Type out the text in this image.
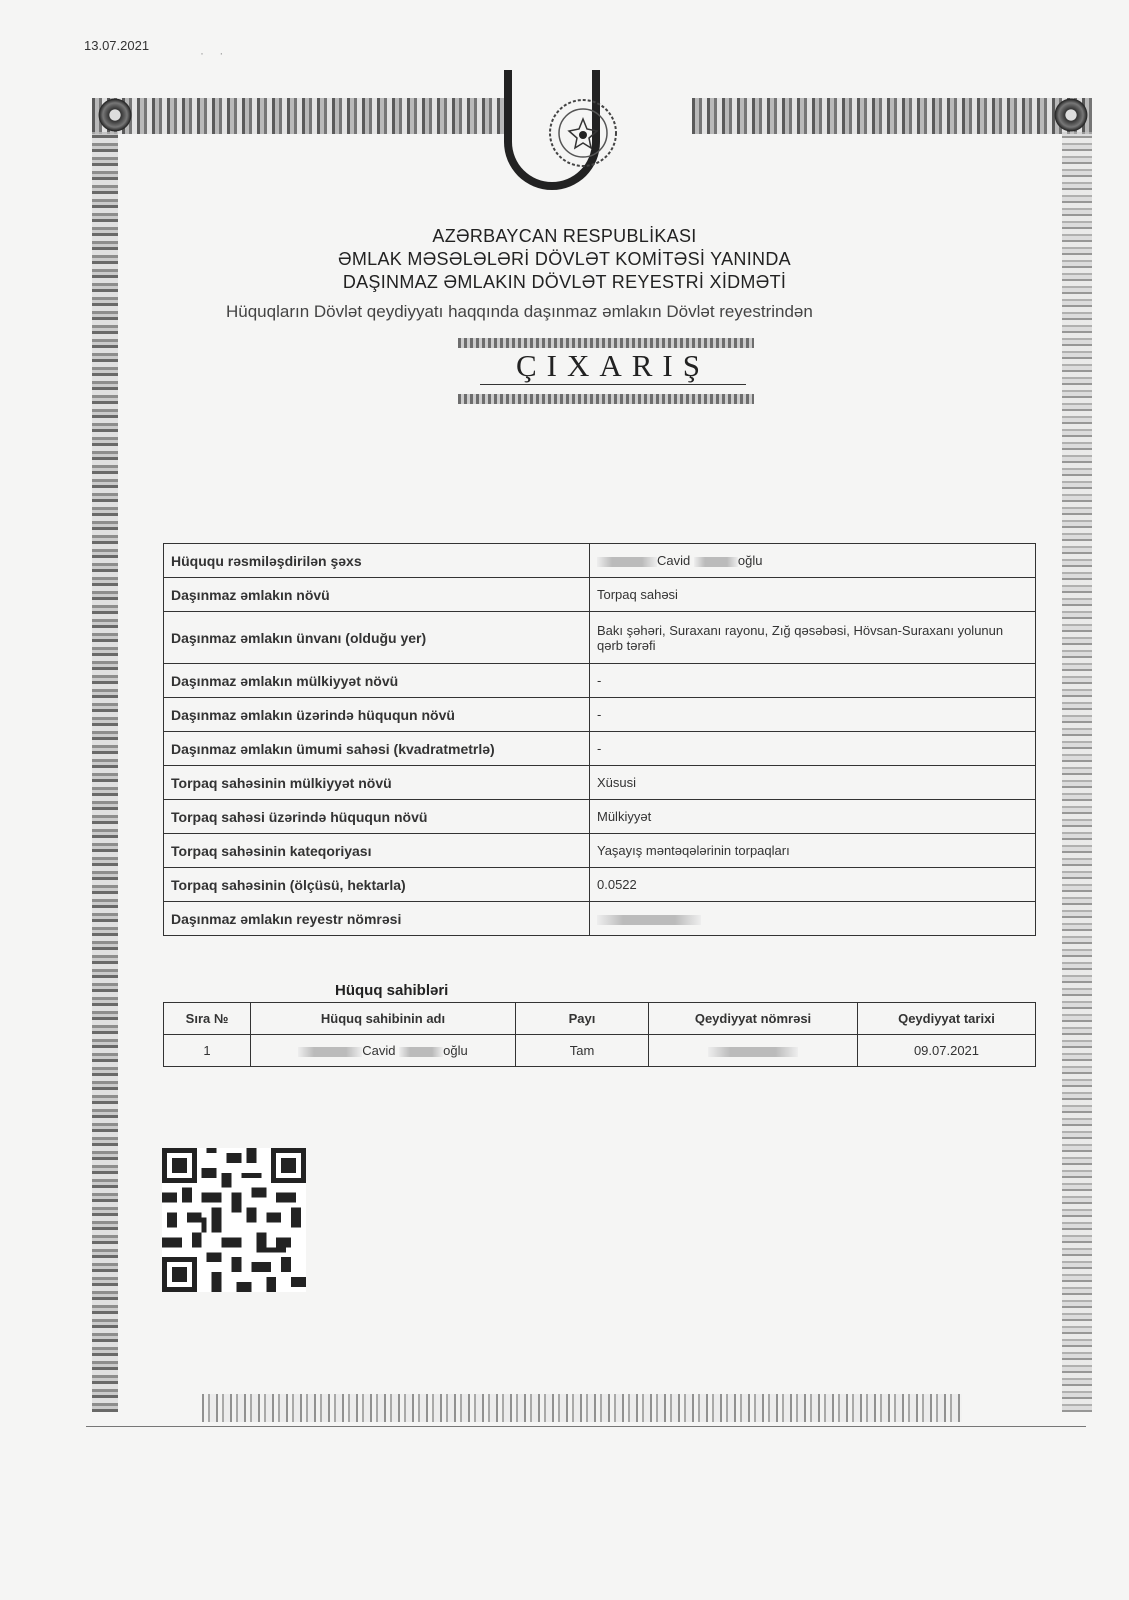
13.07.2021	· ·
AZƏRBAYCAN RESPUBLİKASI
ƏMLAK MƏSƏLƏLƏRİ DÖVLƏT KOMİTƏSİ YANINDA
DAŞINMAZ ƏMLAKIN DÖVLƏT REYESTRİ XİDMƏTİ
Hüquqların Dövlət qeydiyyatı haqqında daşınmaz əmlakın Dövlət reyestrindən
ÇIXARIŞ
Hüququ rəsmiləşdirilən şəxs	Cavid oğlu
Daşınmaz əmlakın növü	Torpaq sahəsi
Daşınmaz əmlakın ünvanı (olduğu yer)	Bakı şəhəri, Suraxanı rayonu, Zığ qəsəbəsi, Hövsan-Suraxanı yolunun qərb tərəfi
Daşınmaz əmlakın mülkiyyət növü	-
Daşınmaz əmlakın üzərində hüququn növü	-
Daşınmaz əmlakın ümumi sahəsi (kvadratmetrlə)	-
Torpaq sahəsinin mülkiyyət növü	Xüsusi
Torpaq sahəsi üzərində hüququn növü	Mülkiyyət
Torpaq sahəsinin kateqoriyası	Yaşayış məntəqələrinin torpaqları
Torpaq sahəsinin (ölçüsü, hektarla)	0.0522
Daşınmaz əmlakın reyestr nömrəsi	
Hüquq sahibləri
Sıra №	Hüquq sahibinin adı	Payı	Qeydiyyat nömrəsi	Qeydiyyat tarixi
1	Cavid oğlu	Tam		09.07.2021
